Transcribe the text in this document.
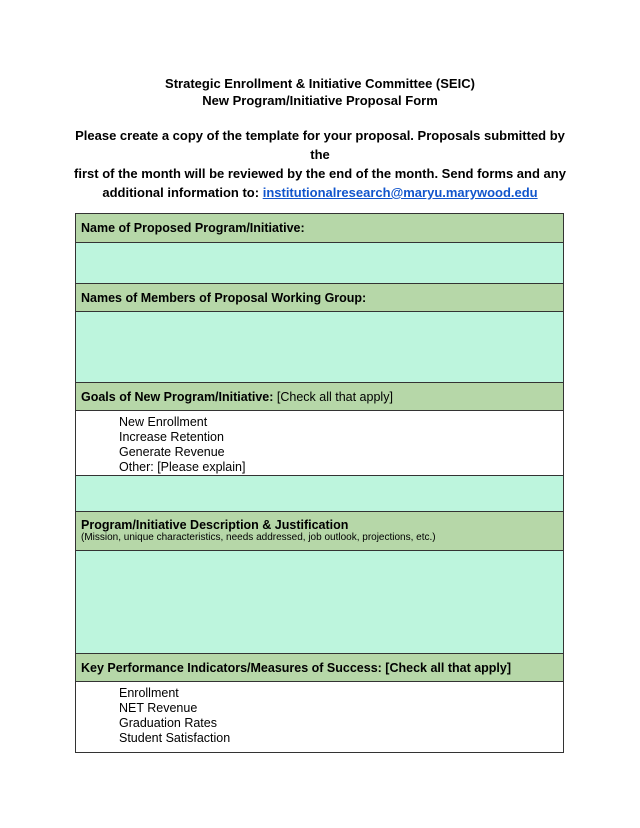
Strategic Enrollment & Initiative Committee (SEIC)
New Program/Initiative Proposal Form
Please create a copy of the template for your proposal. Proposals submitted by the
first of the month will be reviewed by the end of the month. Send forms and any
additional information to: institutionalresearch@maryu.marywood.edu
Name of Proposed Program/Initiative:
Names of Members of Proposal Working Group:
Goals of New Program/Initiative: [Check all that apply]
New Enrollment
Increase Retention
Generate Revenue
Other: [Please explain]
Program/Initiative Description & Justification
(Mission, unique characteristics, needs addressed, job outlook, projections, etc.)
Key Performance Indicators/Measures of Success: [Check all that apply]
Enrollment
NET Revenue
Graduation Rates
Student Satisfaction
